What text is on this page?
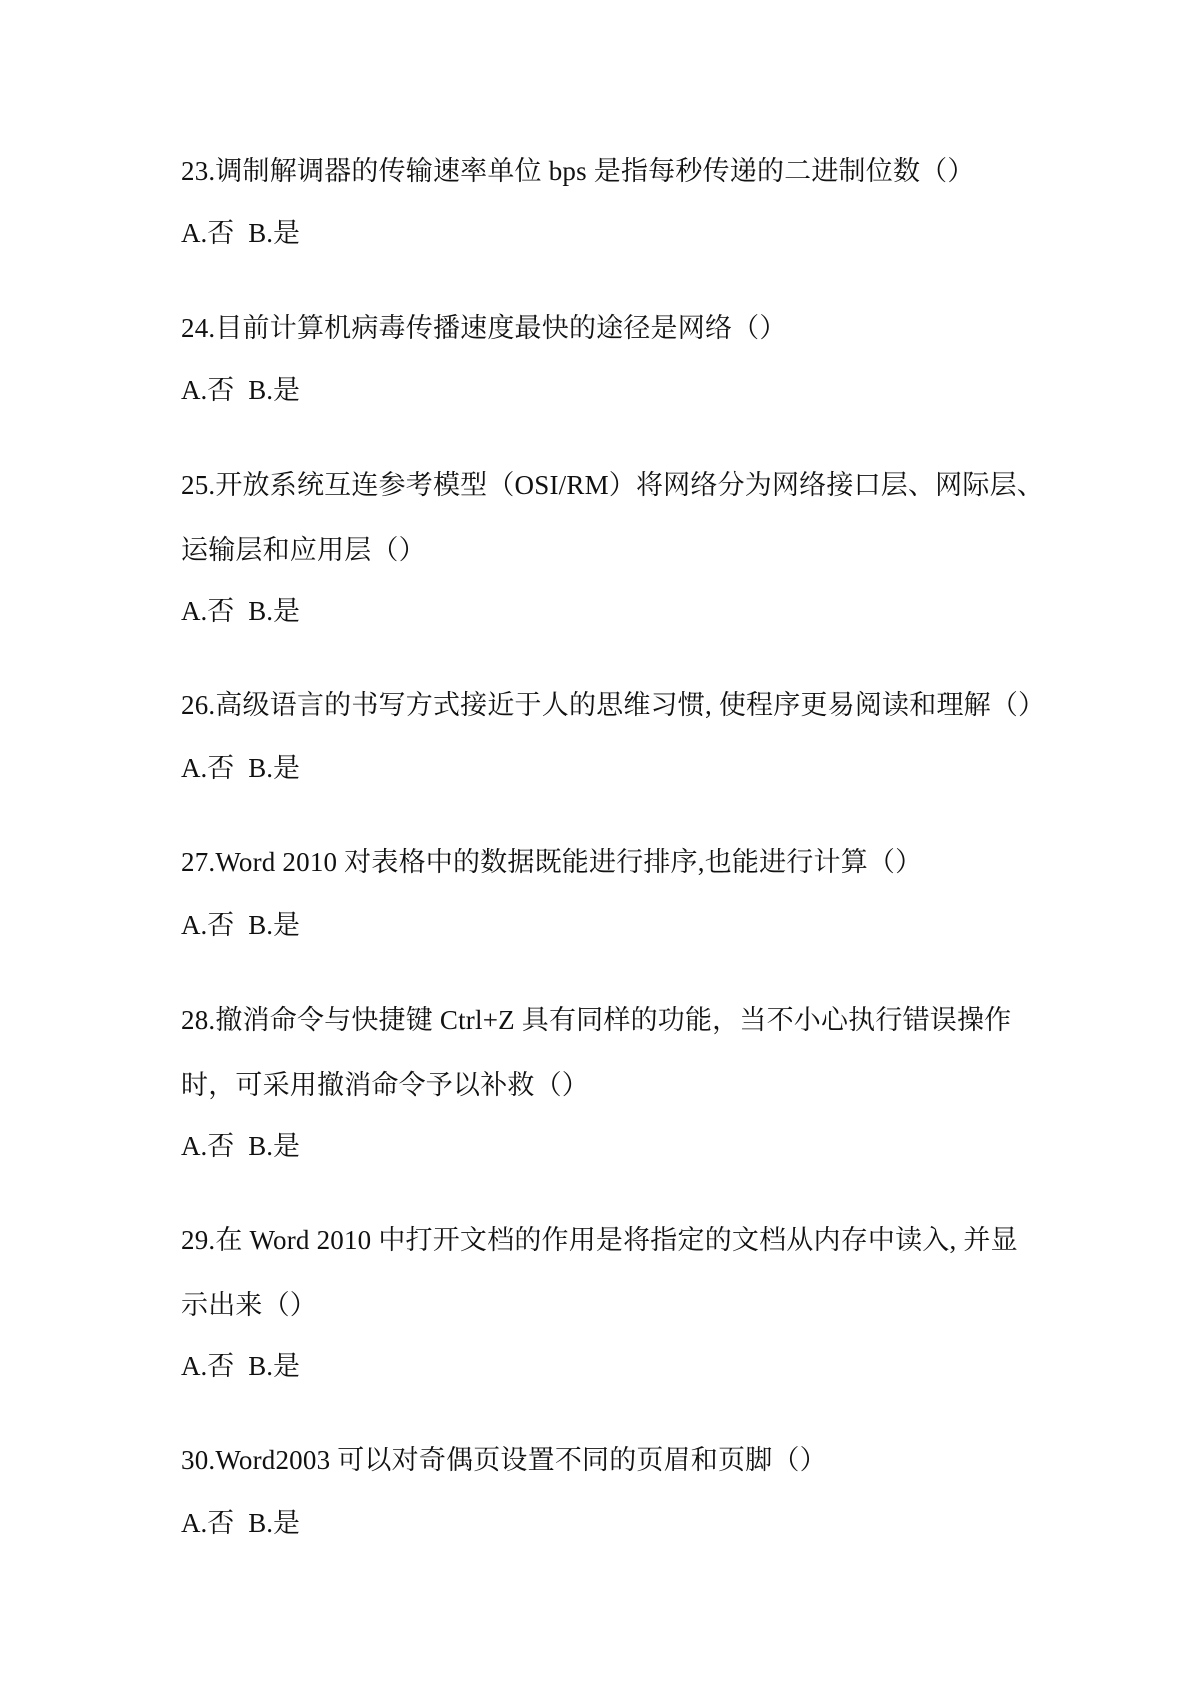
23.调制解调器的传输速率单位 bps 是指每秒传递的二进制位数（）
A.否 B.是
24.目前计算机病毒传播速度最快的途径是网络（）
A.否 B.是
25.开放系统互连参考模型（OSI/RM）将网络分为网络接口层、网际层、
运输层和应用层（）
A.否 B.是
26.高级语言的书写方式接近于人的思维习惯, 使程序更易阅读和理解（）
A.否 B.是
27.Word 2010 对表格中的数据既能进行排序,也能进行计算（）
A.否 B.是
28.撤消命令与快捷键 Ctrl+Z 具有同样的功能，当不小心执行错误操作
时，可采用撤消命令予以补救（）
A.否 B.是
29.在 Word 2010 中打开文档的作用是将指定的文档从内存中读入, 并显
示出来（）
A.否 B.是
30.Word2003 可以对奇偶页设置不同的页眉和页脚（）
A.否 B.是
